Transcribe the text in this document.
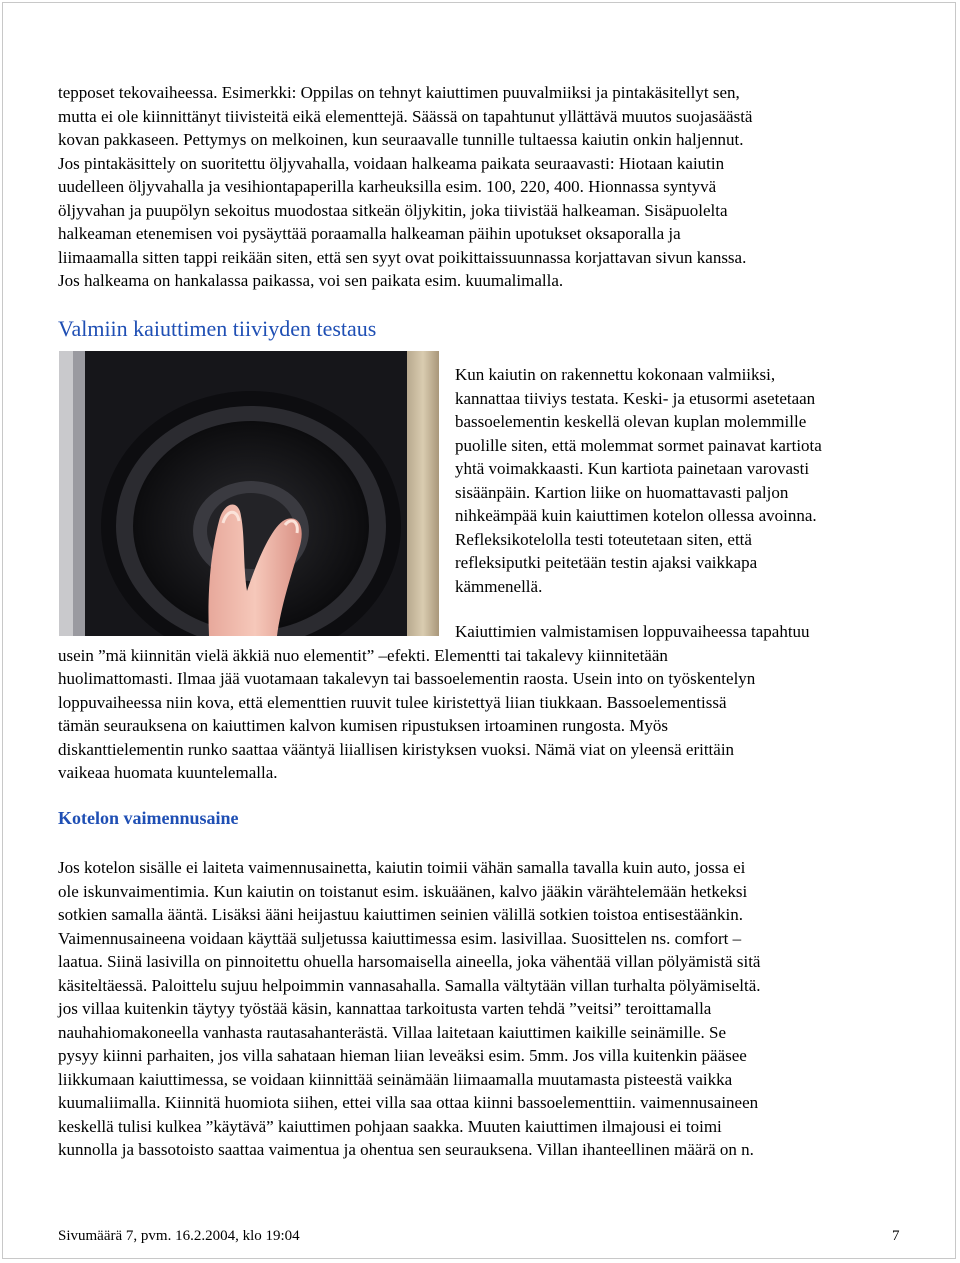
tepposet tekovaiheessa. Esimerkki: Oppilas on tehnyt kaiuttimen puuvalmiiksi ja pintakäsitellyt sen,
mutta ei ole kiinnittänyt tiivisteitä eikä elementtejä. Säässä on tapahtunut yllättävä muutos suojasäästä
kovan pakkaseen. Pettymys on melkoinen, kun seuraavalle tunnille tultaessa kaiutin onkin haljennut.
Jos pintakäsittely on suoritettu öljyvahalla, voidaan halkeama paikata seuraavasti: Hiotaan kaiutin
uudelleen öljyvahalla ja vesihiontapaperilla karheuksilla esim. 100, 220, 400. Hionnassa syntyvä
öljyvahan ja puupölyn sekoitus muodostaa sitkeän öljykitin, joka tiivistää halkeaman. Sisäpuolelta
halkeaman etenemisen voi pysäyttää poraamalla halkeaman päihin upotukset oksaporalla ja
liimaamalla sitten tappi reikään siten, että sen syyt ovat poikittaissuunnassa korjattavan sivun kanssa.
Jos halkeama on hankalassa paikassa, voi sen paikata esim. kuumalimalla.

Valmiin kaiuttimen tiiviyden testaus

Kun kaiutin on rakennettu kokonaan valmiiksi,
kannattaa tiiviys testata. Keski- ja etusormi asetetaan
bassoelementin keskellä olevan kuplan molemmille
puolille siten, että molemmat sormet painavat kartiota
yhtä voimakkaasti. Kun kartiota painetaan varovasti
sisäänpäin. Kartion liike on huomattavasti paljon
nihkeämpää kuin kaiuttimen kotelon ollessa avoinna.
Refleksikotelolla testi toteutetaan siten, että
refleksiputki peitetään testin ajaksi vaikkapa
kämmenellä.

Kaiuttimien valmistamisen loppuvaiheessa tapahtuu
usein ”mä kiinnitän vielä äkkiä nuo elementit” –efekti. Elementti tai takalevy kiinnitetään
huolimattomasti. Ilmaa jää vuotamaan takalevyn tai bassoelementin raosta. Usein into on työskentelyn
loppuvaiheessa niin kova, että elementtien ruuvit tulee kiristettyä liian tiukkaan. Bassoelementissä
tämän seurauksena on kaiuttimen kalvon kumisen ripustuksen irtoaminen rungosta. Myös
diskanttielementin runko saattaa vääntyä liiallisen kiristyksen vuoksi. Nämä viat on yleensä erittäin
vaikeaa huomata kuuntelemalla.

Kotelon vaimennusaine

Jos kotelon sisälle ei laiteta vaimennusainetta, kaiutin toimii vähän samalla tavalla kuin auto, jossa ei
ole iskunvaimentimia. Kun kaiutin on toistanut esim. iskuäänen, kalvo jääkin värähtelemään hetkeksi
sotkien samalla ääntä. Lisäksi ääni heijastuu kaiuttimen seinien välillä sotkien toistoa entisestäänkin.
Vaimennusaineena voidaan käyttää suljetussa kaiuttimessa esim. lasivillaa. Suosittelen ns. comfort –
laatua. Siinä lasivilla on pinnoitettu ohuella harsomaisella aineella, joka vähentää villan pölyämistä sitä
käsiteltäessä. Paloittelu sujuu helpoimmin vannasahalla. Samalla vältytään villan turhalta pölyämiseltä.
jos villaa kuitenkin täytyy työstää käsin, kannattaa tarkoitusta varten tehdä ”veitsi” teroittamalla
nauhahiomakoneella vanhasta rautasahanterästä. Villaa laitetaan kaiuttimen kaikille seinämille. Se
pysyy kiinni parhaiten, jos villa sahataan hieman liian leveäksi esim. 5mm. Jos villa kuitenkin pääsee
liikkumaan kaiuttimessa, se voidaan kiinnittää seinämään liimaamalla muutamasta pisteestä vaikka
kuumaliimalla. Kiinnitä huomiota siihen, ettei villa saa ottaa kiinni bassoelementtiin. vaimennusaineen
keskellä tulisi kulkea ”käytävä” kaiuttimen pohjaan saakka. Muuten kaiuttimen ilmajousi ei toimi
kunnolla ja bassotoisto saattaa vaimentua ja ohentua sen seurauksena. Villan ihanteellinen määrä on n.

Sivumäärä 7, pvm. 16.2.2004, klo 19:04	7
